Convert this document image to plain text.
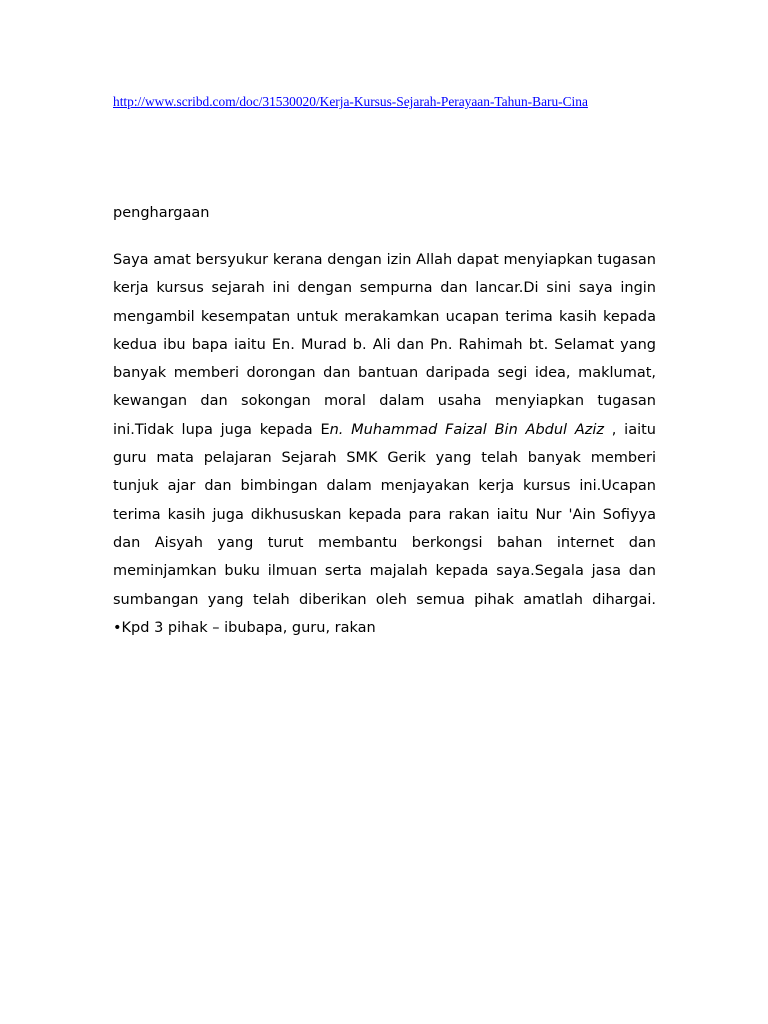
http://www.scribd.com/doc/31530020/Kerja-Kursus-Sejarah-Perayaan-Tahun-Baru-Cina
penghargaan

Saya amat bersyukur kerana dengan izin Allah dapat menyiapkan tugasan kerja kursus sejarah ini dengan sempurna dan lancar.Di sini saya ingin mengambil kesempatan untuk merakamkan ucapan terima kasih kepada kedua ibu bapa iaitu En. Murad b. Ali dan Pn. Rahimah bt. Selamat yang banyak memberi dorongan dan bantuan daripada segi idea, maklumat, kewangan dan sokongan moral dalam usaha menyiapkan tugasan ini.Tidak lupa juga kepada En. Muhammad Faizal Bin Abdul Aziz , iaitu guru mata pelajaran Sejarah SMK Gerik yang telah banyak memberi tunjuk ajar dan bimbingan dalam menjayakan kerja kursus ini.Ucapan terima kasih juga dikhususkan kepada para rakan iaitu Nur 'Ain Sofiyya dan Aisyah yang turut membantu berkongsi bahan internet dan meminjamkan buku ilmuan serta majalah kepada saya.Segala jasa dan sumbangan yang telah diberikan oleh semua pihak amatlah dihargai. •Kpd 3 pihak – ibubapa, guru, rakan
